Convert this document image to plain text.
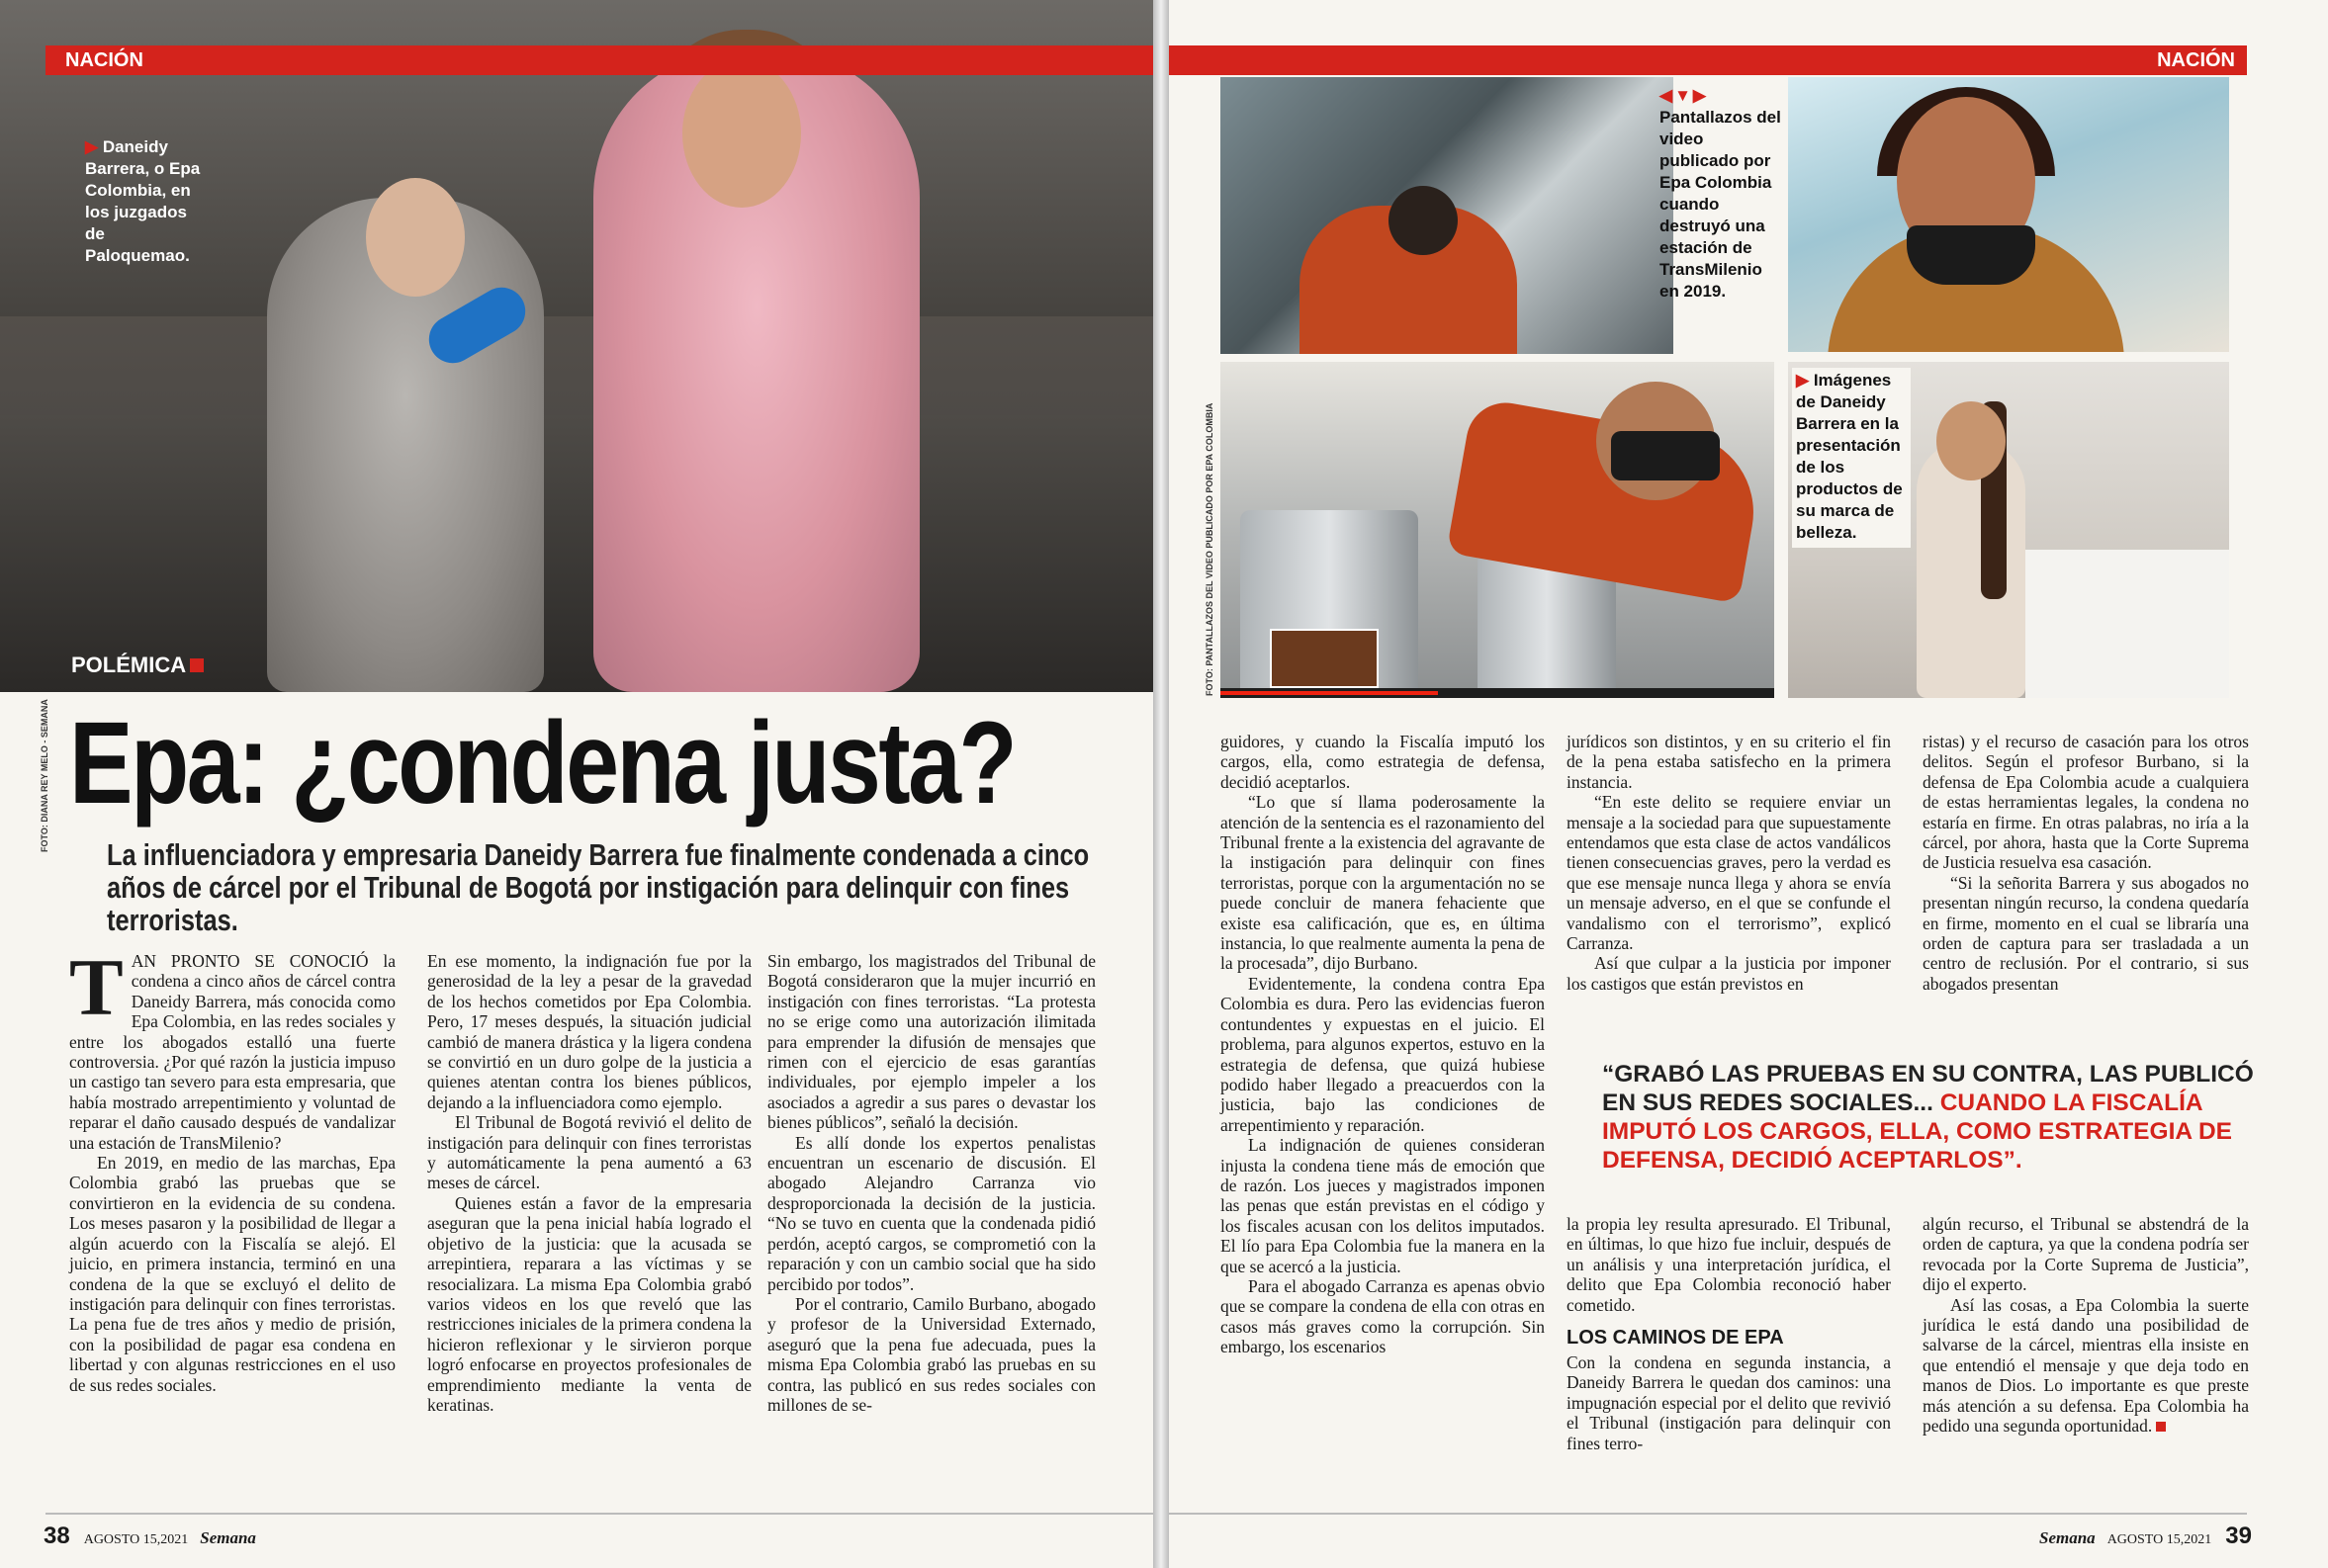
NACIÓN
▶ Daneidy Barrera, o Epa Colombia, en los juzgados de Paloquemao.
POLÉMICA
FOTO: DIANA REY MELO - SEMANA Epa: ¿condena justa?
La influenciadora y empresaria Daneidy Barrera fue finalmente condenada a cinco años de cárcel por el Tribunal de Bogotá por instigación para delinquir con fines terroristas.

TAN PRONTO SE CONOCIÓ la condena a cinco años de cárcel contra Daneidy Barrera, más conocida como Epa Colombia, en las redes sociales y entre los abogados estalló una fuerte controversia. ¿Por qué razón la justicia impuso un castigo tan severo para esta empresaria, que había mostrado arrepentimiento y voluntad de reparar el daño causado después de vandalizar una estación de TransMilenio?

En 2019, en medio de las marchas, Epa Colombia grabó las pruebas que se convirtieron en la evidencia de su condena. Los meses pasaron y la posibilidad de llegar a algún acuerdo con la Fiscalía se alejó. El juicio, en primera instancia, terminó en una condena de la que se excluyó el delito de instigación para delinquir con fines terroristas. La pena fue de tres años y medio de prisión, con la posibilidad de pagar esa condena en libertad y con algunas restricciones en el uso de sus redes sociales.

En ese momento, la indignación fue por la generosidad de la ley a pesar de la gravedad de los hechos cometidos por Epa Colombia. Pero, 17 meses después, la situación judicial cambió de manera drástica y la ligera condena se convirtió en un duro golpe de la justicia a quienes atentan contra los bienes públicos, dejando a la influenciadora como ejemplo.

El Tribunal de Bogotá revivió el delito de instigación para delinquir con fines terroristas y automáticamente la pena aumentó a 63 meses de cárcel.

Quienes están a favor de la empresaria aseguran que la pena inicial había logrado el objetivo de la justicia: que la acusada se arrepintiera, reparara a las víctimas y se resocializara. La misma Epa Colombia grabó varios videos en los que reveló que las restricciones iniciales de la primera condena la hicieron reflexionar y le sirvieron porque logró enfocarse en proyectos profesionales de emprendimiento mediante la venta de keratinas.

Sin embargo, los magistrados del Tribunal de Bogotá consideraron que la mujer incurrió en instigación con fines terroristas. “La protesta no se erige como una autorización ilimitada para emprender la difusión de mensajes que rimen con el ejercicio de esas garantías individuales, por ejemplo impeler a los asociados a agredir a sus pares o devastar los bienes públicos”, señaló la decisión.

Es allí donde los expertos penalistas encuentran un escenario de discusión. El abogado Alejandro Carranza vio desproporcionada la decisión de la justicia. “No se tuvo en cuenta que la condenada pidió perdón, aceptó cargos, se comprometió con la reparación y con un cambio social que ha sido percibido por todos”.

Por el contrario, Camilo Burbano, abogado y profesor de la Universidad Externado, aseguró que la pena fue adecuada, pues la misma Epa Colombia grabó las pruebas en su contra, las publicó en sus redes sociales con millones de se-

38 AGOSTO 15,2021 Semana
NACIÓN
◀▼▶
Pantallazos del video publicado por Epa Colombia cuando destruyó una estación de TransMilenio en 2019.
▶ Imágenes de Daneidy Barrera en la presentación de los productos de su marca de belleza.
FOTO: PANTALLAZOS DEL VIDEO PUBLICADO POR EPA COLOMBIA

guidores, y cuando la Fiscalía imputó los cargos, ella, como estrategia de defensa, decidió aceptarlos.

“Lo que sí llama poderosamente la atención de la sentencia es el razonamiento del Tribunal frente a la existencia del agravante de la instigación para delinquir con fines terroristas, porque con la argumentación no se puede concluir de manera fehaciente que existe esa calificación, que es, en última instancia, lo que realmente aumenta la pena de la procesada”, dijo Burbano.

Evidentemente, la condena contra Epa Colombia es dura. Pero las evidencias fueron contundentes y expuestas en el juicio. El problema, para algunos expertos, estuvo en la estrategia de defensa, que quizá hubiese podido haber llegado a preacuerdos con la justicia, bajo las condiciones de arrepentimiento y reparación.

La indignación de quienes consideran injusta la condena tiene más de emoción que de razón. Los jueces y magistrados imponen las penas que están previstas en el código y los fiscales acusan con los delitos imputados. El lío para Epa Colombia fue la manera en la que se acercó a la justicia.

Para el abogado Carranza es apenas obvio que se compare la condena de ella con otras en casos más graves como la corrupción. Sin embargo, los escenarios

jurídicos son distintos, y en su criterio el fin de la pena estaba satisfecho en la primera instancia.

“En este delito se requiere enviar un mensaje a la sociedad para que supuestamente entendamos que esta clase de actos vandálicos tienen consecuencias graves, pero la verdad es que ese mensaje nunca llega y ahora se envía un mensaje adverso, en el que se confunde el vandalismo con el terrorismo”, explicó Carranza.

Así que culpar a la justicia por imponer los castigos que están previstos en

ristas) y el recurso de casación para los otros delitos. Según el profesor Burbano, si la defensa de Epa Colombia acude a cualquiera de estas herramientas legales, la condena no estaría en firme. En otras palabras, no iría a la cárcel, por ahora, hasta que la Corte Suprema de Justicia resuelva esa casación.

“Si la señorita Barrera y sus abogados no presentan ningún recurso, la condena quedaría en firme, momento en el cual se libraría una orden de captura para ser trasladada a un centro de reclusión. Por el contrario, si sus abogados presentan

“GRABÓ LAS PRUEBAS EN SU CONTRA, LAS PUBLICÓ EN SUS REDES SOCIALES... CUANDO LA FISCALÍA IMPUTÓ LOS CARGOS, ELLA, COMO ESTRATEGIA DE DEFENSA, DECIDIÓ ACEPTARLOS”.

la propia ley resulta apresurado. El Tribunal, en últimas, lo que hizo fue incluir, después de un análisis y una interpretación jurídica, el delito que Epa Colombia reconoció haber cometido.

LOS CAMINOS DE EPA

Con la condena en segunda instancia, a Daneidy Barrera le quedan dos caminos: una impugnación especial por el delito que revivió el Tribunal (instigación para delinquir con fines terro-

algún recurso, el Tribunal se abstendrá de la orden de captura, ya que la condena podría ser revocada por la Corte Suprema de Justicia”, dijo el experto.

Así las cosas, a Epa Colombia la suerte jurídica le está dando una posibilidad de salvarse de la cárcel, mientras ella insiste en que entendió el mensaje y que deja todo en manos de Dios. Lo importante es que preste más atención a su defensa. Epa Colombia ha pedido una segunda oportunidad.

Semana AGOSTO 15,2021 39
